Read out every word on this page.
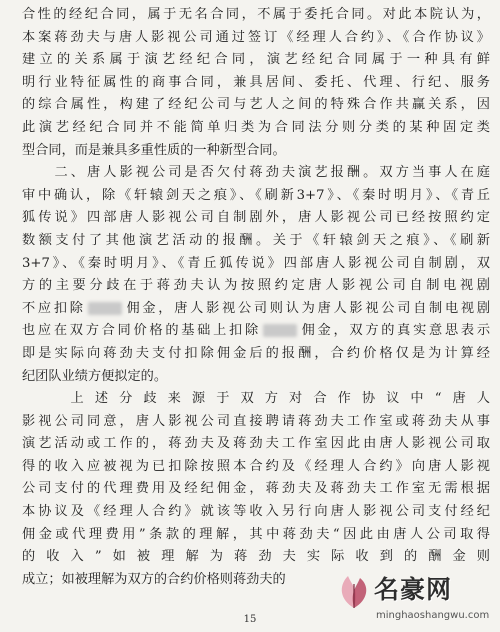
合性的经纪合同，属于无名合同，不属于委托合同。对此本院认为，
本案蒋劲夫与唐人影视公司通过签订《经理人合约》、《合作协议》
建立的关系属于演艺经纪合同，演艺经纪合同属于一种具有鲜
明行业特征属性的商事合同，兼具居间、委托、代理、行纪、服务
的综合属性，构建了经纪公司与艺人之间的特殊合作共赢关系，因
此演艺经纪合同并不能简单归类为合同法分则分类的某种固定类
型合同，而是兼具多重性质的一种新型合同。
　　二、唐人影视公司是否欠付蒋劲夫演艺报酬。双方当事人在庭
审中确认，除《轩辕剑天之痕》、《刷新3+7》、《秦时明月》、《青丘
狐传说》四部唐人影视公司自制剧外，唐人影视公司已经按照约定
数额支付了其他演艺活动的报酬。关于《轩辕剑天之痕》、《刷新
3+7》、《秦时明月》、《青丘狐传说》四部唐人影视公司自制剧，双
方的主要分歧在于蒋劲夫认为按照约定唐人影视公司自制电视剧
不应扣除	佣金，唐人影视公司则认为唐人影视公司自制电视剧
也应在双方合同价格的基础上扣除	佣金，双方的真实意思表示
即是实际向蒋劲夫支付扣除佣金后的报酬，合约价格仅是为计算经
纪团队业绩方便拟定的。
　　上述分歧来源于双方对合作协议中“唐人
影视公司同意，唐人影视公司直接聘请蒋劲夫工作室或蒋劲夫从事
演艺活动或工作的，蒋劲夫及蒋劲夫工作室因此由唐人影视公司取
得的收入应被视为已扣除按照本合约及《经理人合约》向唐人影视
公司支付的代理费用及经纪佣金，蒋劲夫及蒋劲夫工作室无需根据
本协议及《经理人合约》就该等收入另行向唐人影视公司支付经纪
佣金或代理费用”条款的理解，其中蒋劲夫“因此由唐人公司取得
的收入”如被理解为蒋劲夫实际收到的酬金则
成立；如被理解为双方的合约价格则蒋劲夫的
15
名豪网
minghaoshangwu.com
